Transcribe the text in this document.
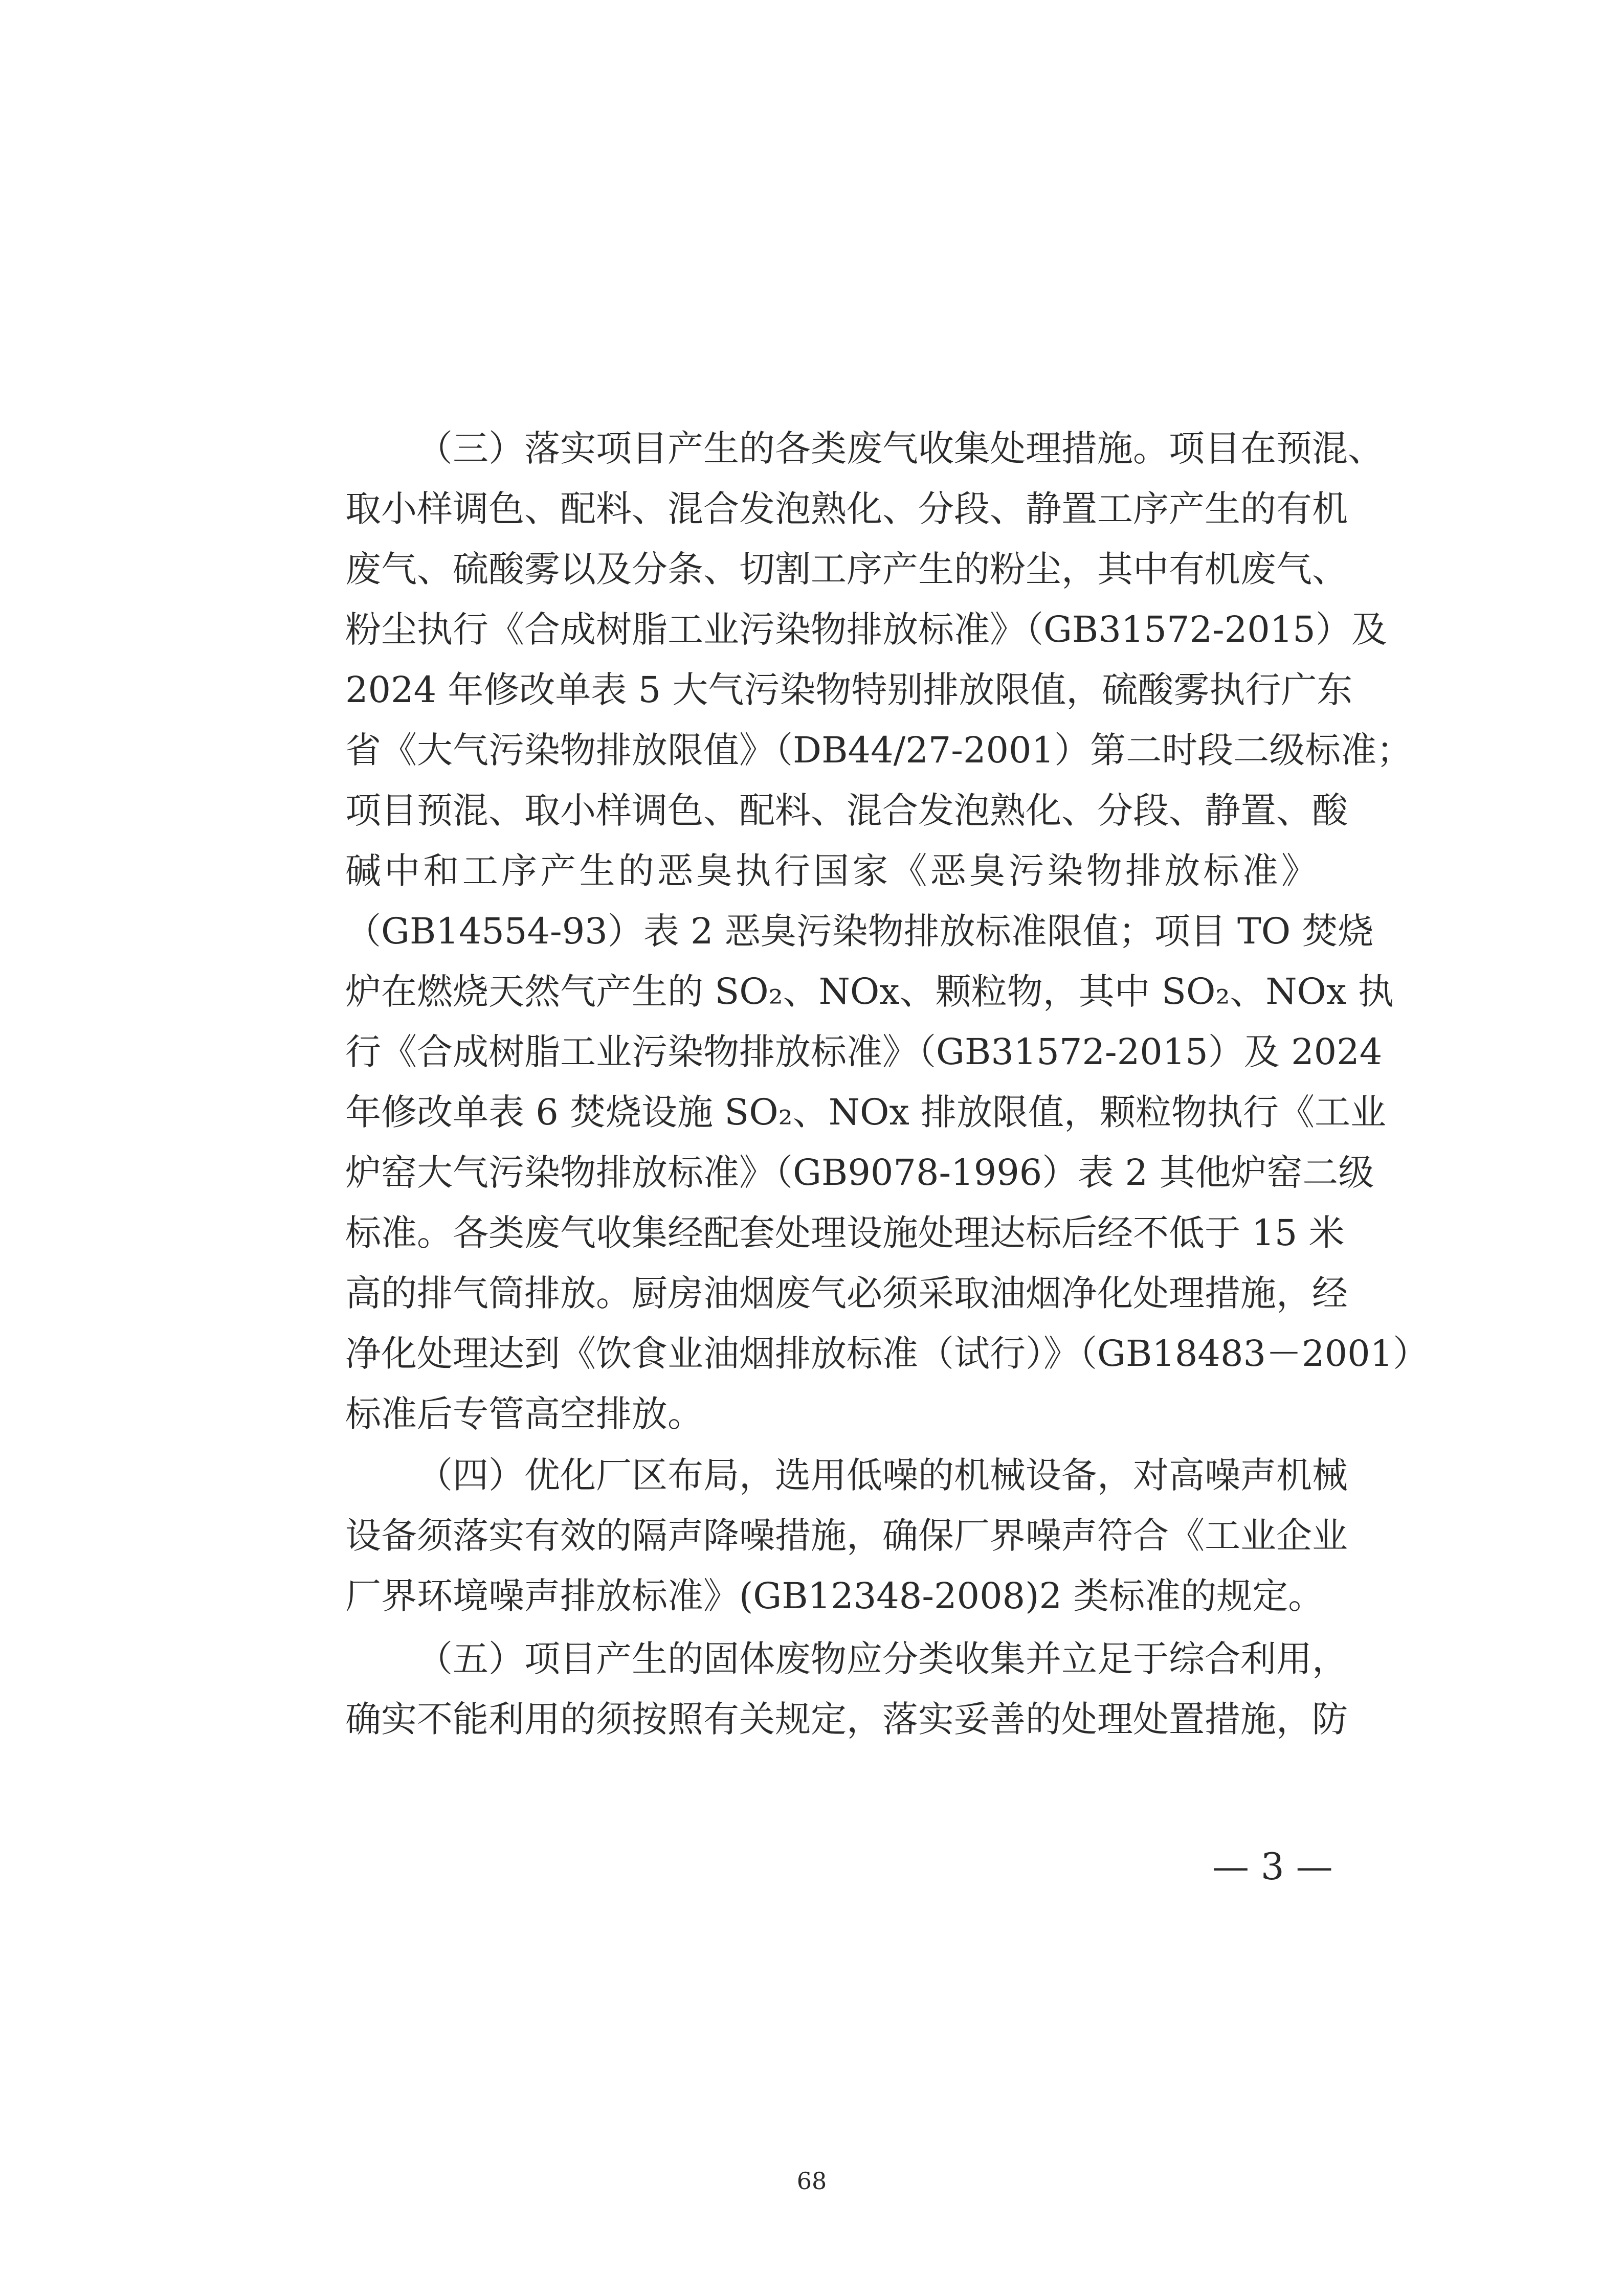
（三）落实项目产生的各类废气收集处理措施。项目在预混、
取小样调色、配料、混合发泡熟化、分段、静置工序产生的有机
废气、硫酸雾以及分条、切割工序产生的粉尘，其中有机废气、
粉尘执行《合成树脂工业污染物排放标准》（GB31572-2015）及
2024 年修改单表 5 大气污染物特别排放限值，硫酸雾执行广东
省《大气污染物排放限值》（DB44/27-2001）第二时段二级标准；
项目预混、取小样调色、配料、混合发泡熟化、分段、静置、酸
碱中和工序产生的恶臭执行国家《恶臭污染物排放标准》
（GB14554-93）表 2 恶臭污染物排放标准限值；项目 TO 焚烧
炉在燃烧天然气产生的 SO₂、NOx、颗粒物，其中 SO₂、NOx 执
行《合成树脂工业污染物排放标准》（GB31572-2015）及 2024
年修改单表 6 焚烧设施 SO₂、NOx 排放限值，颗粒物执行《工业
炉窑大气污染物排放标准》（GB9078-1996）表 2 其他炉窑二级
标准。各类废气收集经配套处理设施处理达标后经不低于 15 米
高的排气筒排放。厨房油烟废气必须采取油烟净化处理措施，经
净化处理达到《饮食业油烟排放标准（试行）》（GB18483－2001）
标准后专管高空排放。
（四）优化厂区布局，选用低噪的机械设备，对高噪声机械
设备须落实有效的隔声降噪措施，确保厂界噪声符合《工业企业
厂界环境噪声排放标准》(GB12348-2008)2 类标准的规定。
（五）项目产生的固体废物应分类收集并立足于综合利用，
确实不能利用的须按照有关规定，落实妥善的处理处置措施，防
— 3 —
68
